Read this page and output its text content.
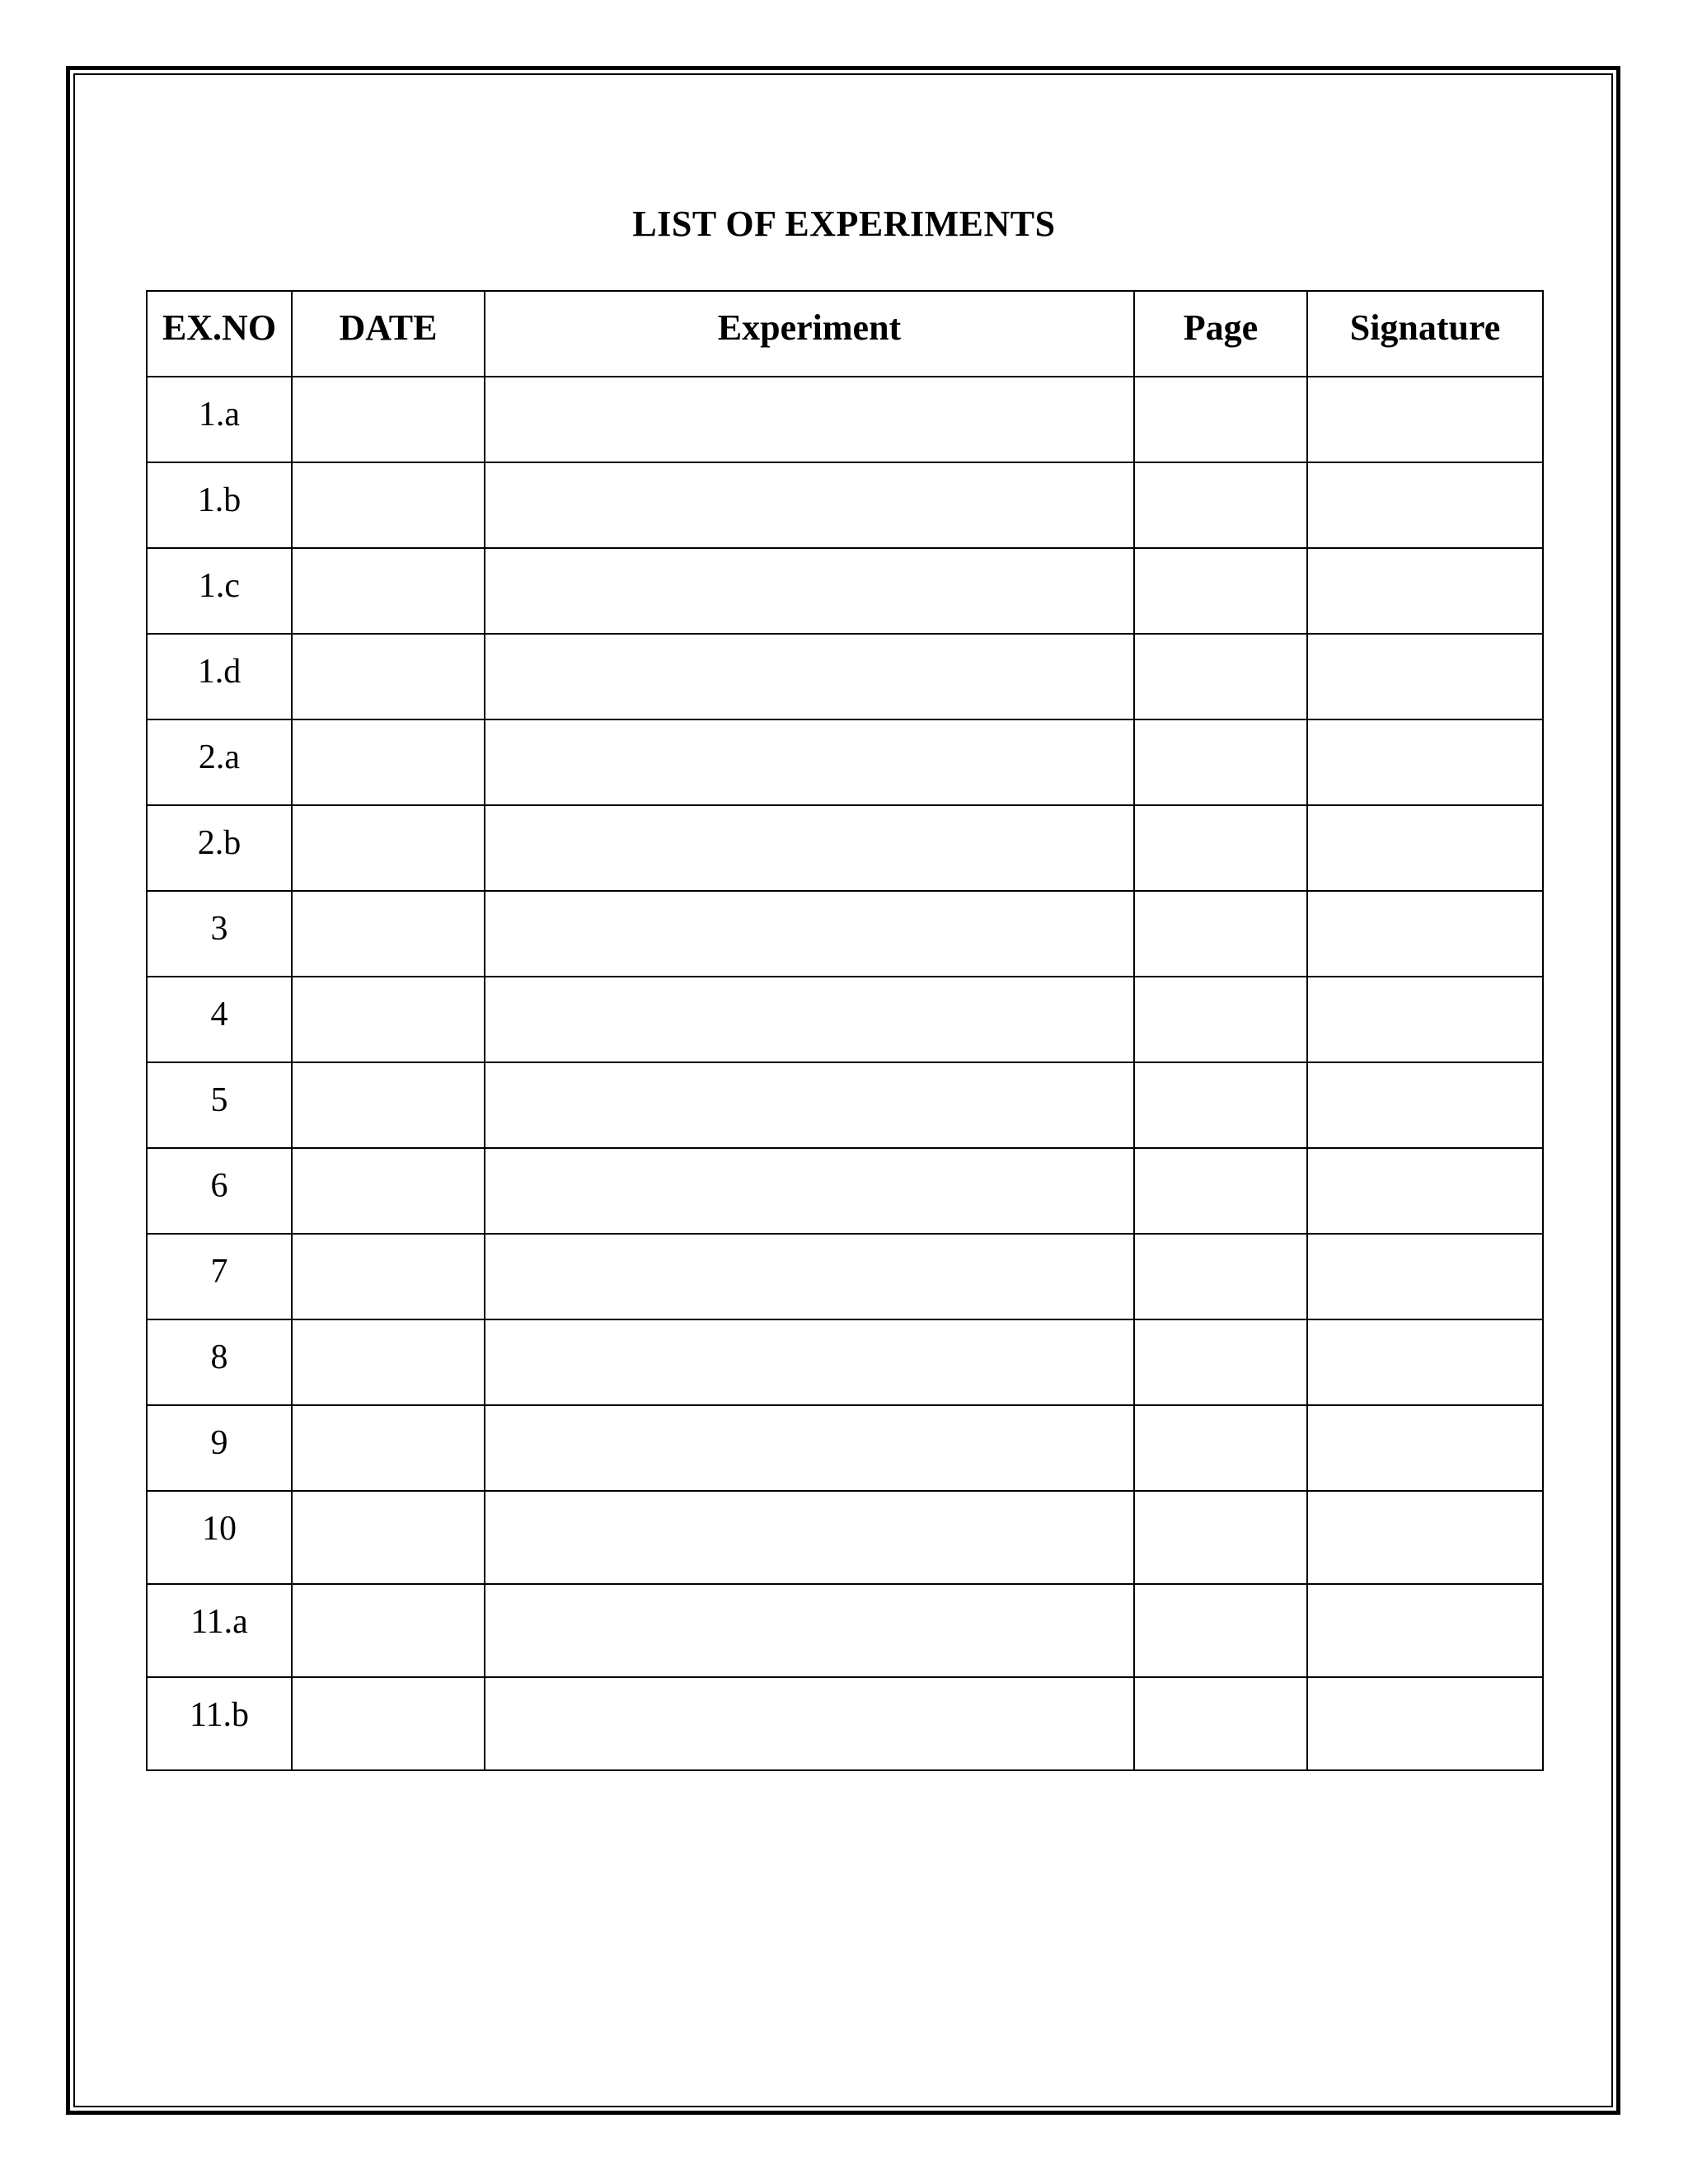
LIST OF EXPERIMENTS
EX.NO	DATE	Experiment	Page	Signature
1.a				
1.b				
1.c				
1.d				
2.a				
2.b				
3				
4				
5				
6				
7				
8				
9				
10				
11.a				
11.b				
